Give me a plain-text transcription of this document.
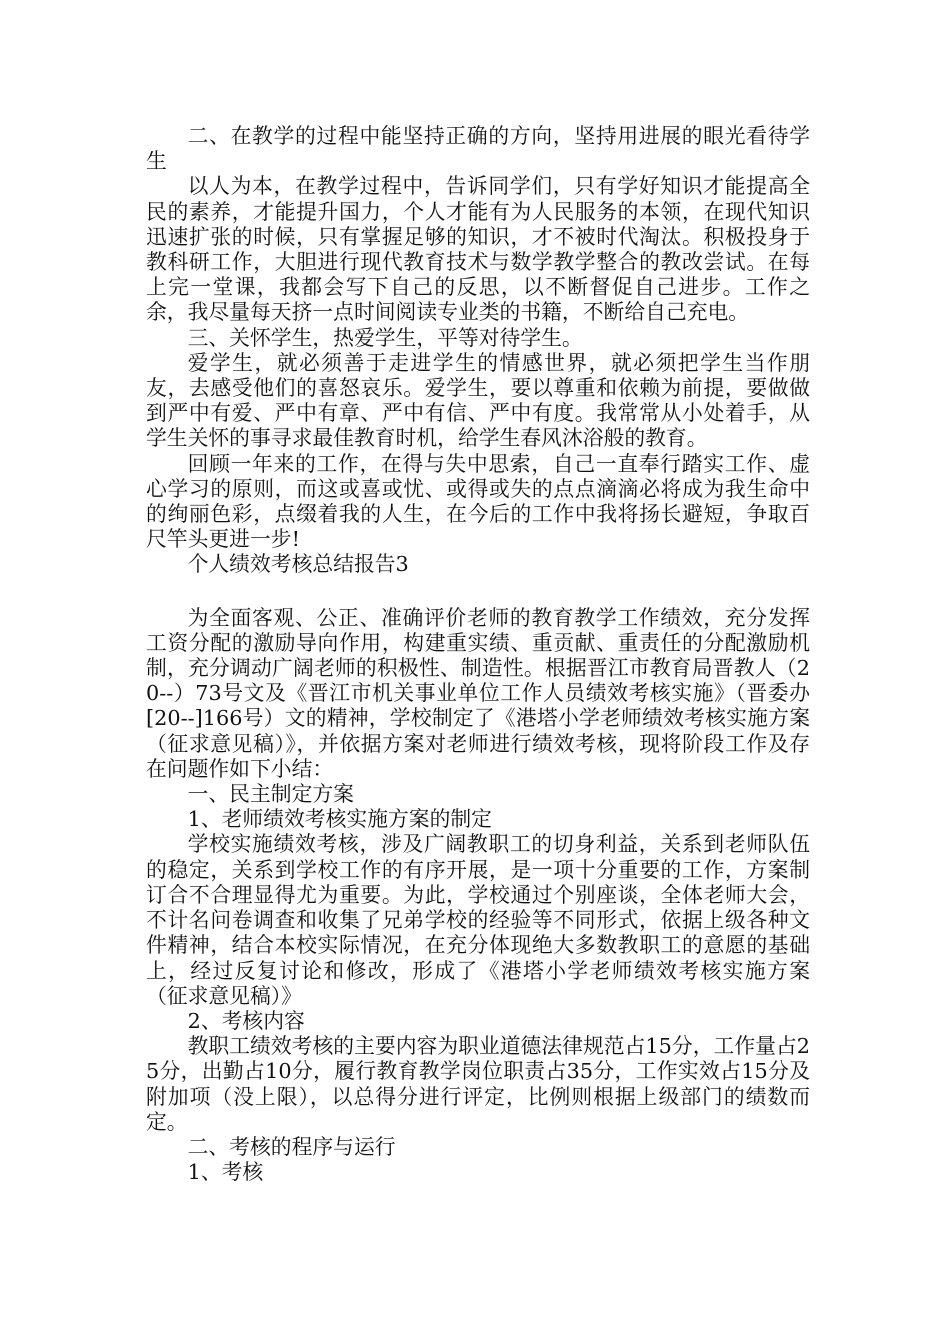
二、在教学的过程中能坚持正确的方向，坚持用进展的眼光看待学生

以人为本，在教学过程中，告诉同学们，只有学好知识才能提高全民的素养，才能提升国力，个人才能有为人民服务的本领，在现代知识迅速扩张的时候，只有掌握足够的知识，才不被时代淘汰。积极投身于教科研工作，大胆进行现代教育技术与数学教学整合的教改尝试。在每上完一堂课，我都会写下自己的反思，以不断督促自己进步。工作之余，我尽量每天挤一点时间阅读专业类的书籍，不断给自己充电。

三、关怀学生，热爱学生，平等对待学生。

爱学生，就必须善于走进学生的情感世界，就必须把学生当作朋友，去感受他们的喜怒哀乐。爱学生，要以尊重和依赖为前提，要做做到严中有爱、严中有章、严中有信、严中有度。我常常从小处着手，从学生关怀的事寻求最佳教育时机，给学生春风沐浴般的教育。

回顾一年来的工作，在得与失中思索，自己一直奉行踏实工作、虚心学习的原则，而这或喜或忧、或得或失的点点滴滴必将成为我生命中的绚丽色彩，点缀着我的人生，在今后的工作中我将扬长避短，争取百尺竿头更进一步!

个人绩效考核总结报告3

为全面客观、公正、准确评价老师的教育教学工作绩效，充分发挥工资分配的激励导向作用，构建重实绩、重贡献、重责任的分配激励机制，充分调动广阔老师的积极性、制造性。根据晋江市教育局晋教人（20--）73号文及《晋江市机关事业单位工作人员绩效考核实施》（晋委办[20--]166号）文的精神，学校制定了《港塔小学老师绩效考核实施方案（征求意见稿）》，并依据方案对老师进行绩效考核，现将阶段工作及存在问题作如下小结：

一、民主制定方案

1、老师绩效考核实施方案的制定

学校实施绩效考核，涉及广阔教职工的切身利益，关系到老师队伍的稳定，关系到学校工作的有序开展，是一项十分重要的工作，方案制订合不合理显得尤为重要。为此，学校通过个别座谈，全体老师大会，不计名问卷调查和收集了兄弟学校的经验等不同形式，依据上级各种文件精神，结合本校实际情况，在充分体现绝大多数教职工的意愿的基础上，经过反复讨论和修改，形成了《港塔小学老师绩效考核实施方案（征求意见稿）》

2、考核内容

教职工绩效考核的主要内容为职业道德法律规范占15分，工作量占25分，出勤占10分，履行教育教学岗位职责占35分，工作实效占15分及附加项（没上限），以总得分进行评定，比例则根据上级部门的绩数而定。

二、考核的程序与运行

1、考核
